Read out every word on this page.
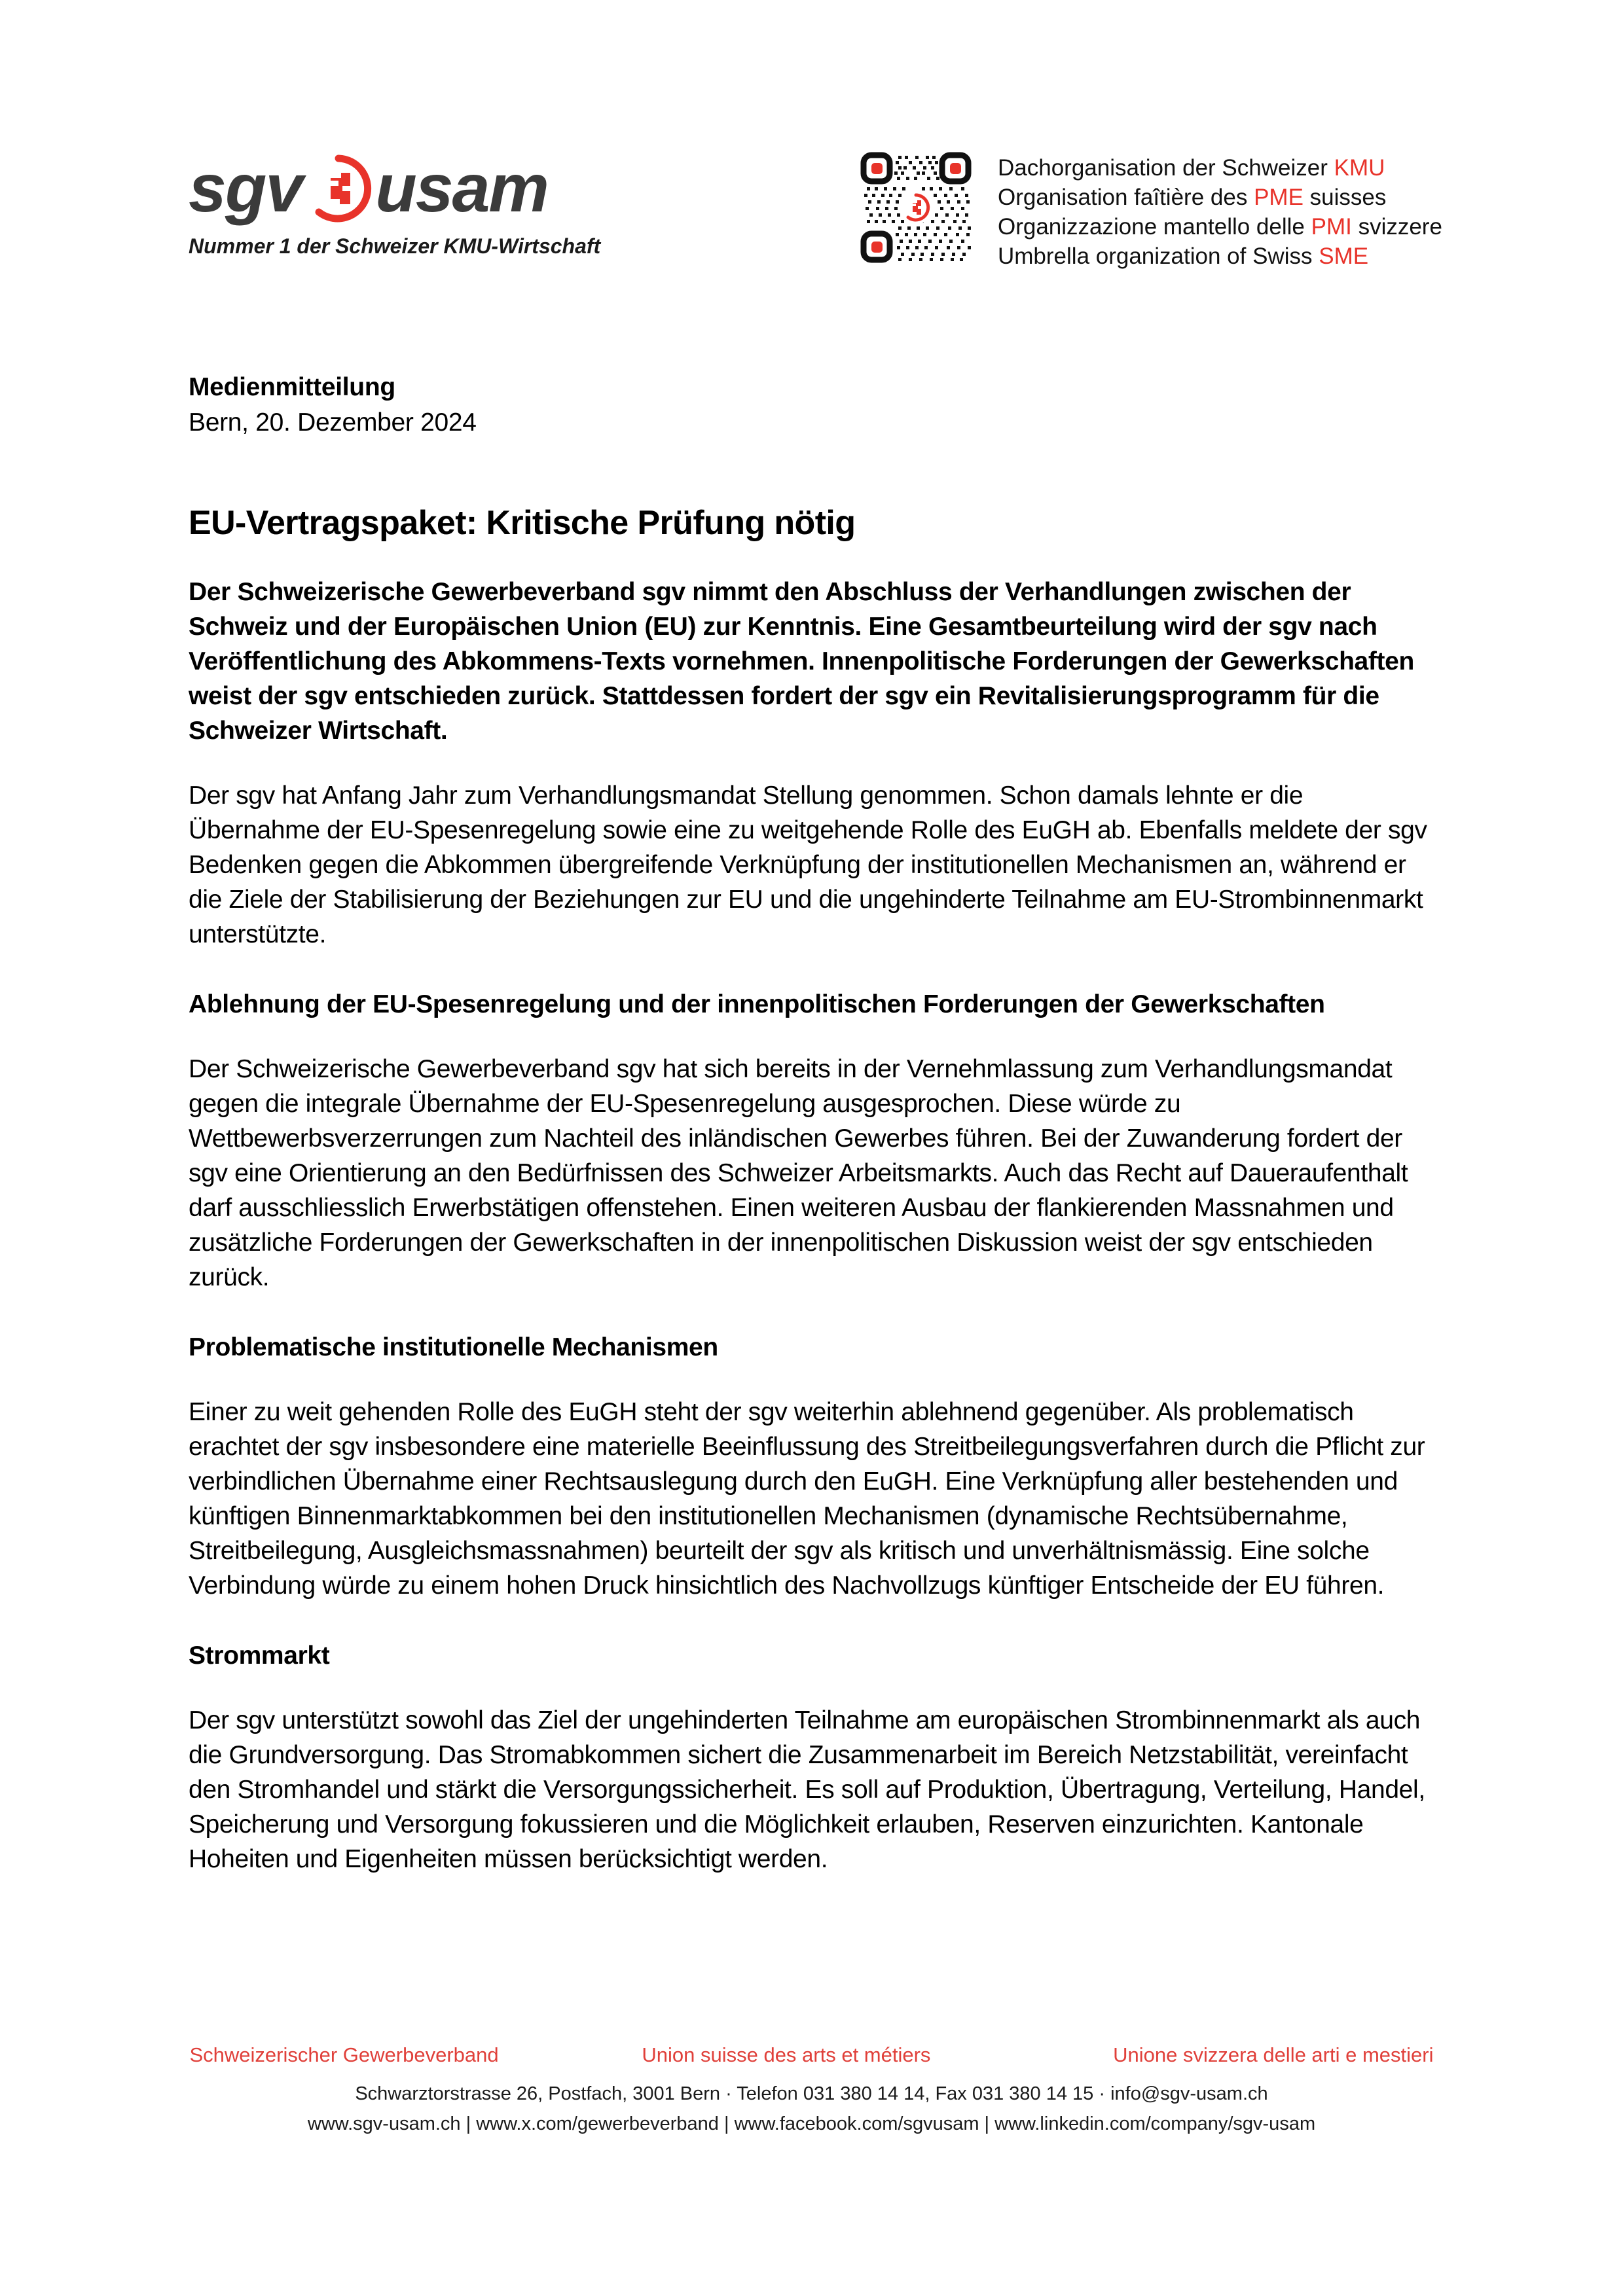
sgv usam
Nummer 1 der Schweizer KMU-Wirtschaft
Dachorganisation der Schweizer KMU
Organisation faîtière des PME suisses
Organizzazione mantello delle PMI svizzere
Umbrella organization of Swiss SME
Medienmitteilung
Bern, 20. Dezember 2024
EU-Vertragspaket: Kritische Prüfung nötig
Der Schweizerische Gewerbeverband sgv nimmt den Abschluss der Verhandlungen zwischen der Schweiz und der Europäischen Union (EU) zur Kenntnis. Eine Gesamtbeurteilung wird der sgv nach Veröffentlichung des Abkommens-Texts vornehmen. Innenpolitische Forderungen der Gewerkschaften weist der sgv entschieden zurück. Stattdessen fordert der sgv ein Revitalisierungsprogramm für die Schweizer Wirtschaft.

Der sgv hat Anfang Jahr zum Verhandlungsmandat Stellung genommen. Schon damals lehnte er die Übernahme der EU-Spesenregelung sowie eine zu weitgehende Rolle des EuGH ab. Ebenfalls meldete der sgv Bedenken gegen die Abkommen übergreifende Verknüpfung der institutionellen Mechanismen an, während er die Ziele der Stabilisierung der Beziehungen zur EU und die ungehinderte Teilnahme am EU-Strombinnenmarkt unterstützte.

Ablehnung der EU-Spesenregelung und der innenpolitischen Forderungen der Gewerkschaften

Der Schweizerische Gewerbeverband sgv hat sich bereits in der Vernehmlassung zum Verhandlungsmandat gegen die integrale Übernahme der EU-Spesenregelung ausgesprochen. Diese würde zu Wettbewerbsverzerrungen zum Nachteil des inländischen Gewerbes führen. Bei der Zuwanderung fordert der sgv eine Orientierung an den Bedürfnissen des Schweizer Arbeitsmarkts. Auch das Recht auf Daueraufenthalt darf ausschliesslich Erwerbstätigen offenstehen. Einen weiteren Ausbau der flankierenden Massnahmen und zusätzliche Forderungen der Gewerkschaften in der innenpolitischen Diskussion weist der sgv entschieden zurück.

Problematische institutionelle Mechanismen

Einer zu weit gehenden Rolle des EuGH steht der sgv weiterhin ablehnend gegenüber. Als problematisch erachtet der sgv insbesondere eine materielle Beeinflussung des Streitbeilegungsverfahren durch die Pflicht zur verbindlichen Übernahme einer Rechtsauslegung durch den EuGH. Eine Verknüpfung aller bestehenden und künftigen Binnenmarktabkommen bei den institutionellen Mechanismen (dynamische Rechtsübernahme, Streitbeilegung, Ausgleichsmassnahmen) beurteilt der sgv als kritisch und unverhältnismässig. Eine solche Verbindung würde zu einem hohen Druck hinsichtlich des Nachvollzugs künftiger Entscheide der EU führen.

Strommarkt

Der sgv unterstützt sowohl das Ziel der ungehinderten Teilnahme am europäischen Strombinnenmarkt als auch die Grundversorgung. Das Stromabkommen sichert die Zusammenarbeit im Bereich Netzstabilität, vereinfacht den Stromhandel und stärkt die Versorgungssicherheit. Es soll auf Produktion, Übertragung, Verteilung, Handel, Speicherung und Versorgung fokussieren und die Möglichkeit erlauben, Reserven einzurichten. Kantonale Hoheiten und Eigenheiten müssen berücksichtigt werden.

Schweizerischer Gewerbeverband	Union suisse des arts et métiers	Unione svizzera delle arti e mestieri
Schwarztorstrasse 26, Postfach, 3001 Bern · Telefon 031 380 14 14, Fax 031 380 14 15 · info@sgv-usam.ch
www.sgv-usam.ch | www.x.com/gewerbeverband | www.facebook.com/sgvusam | www.linkedin.com/company/sgv-usam
